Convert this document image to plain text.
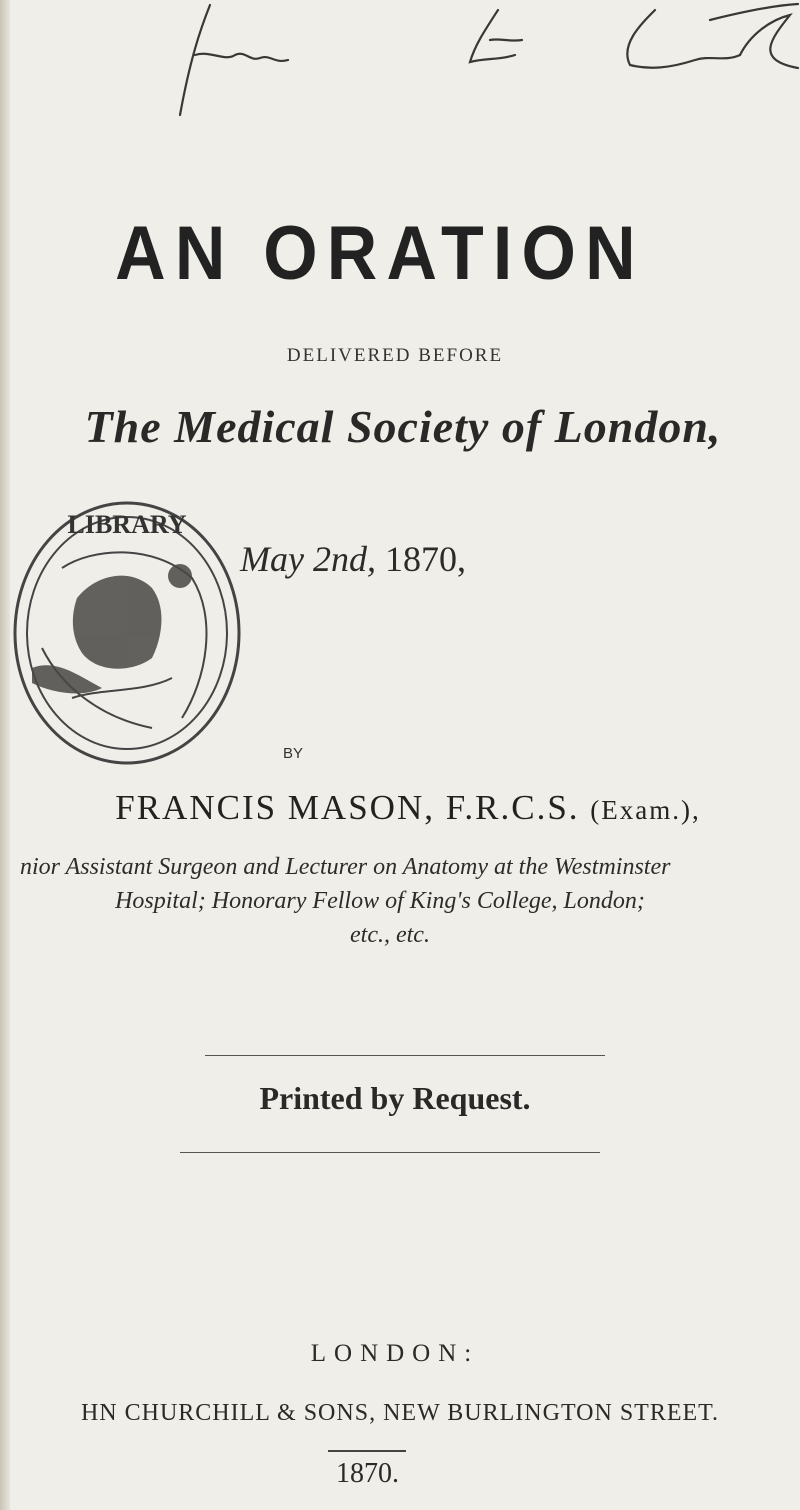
AN ORATION
DELIVERED BEFORE
The Medical Society of London,
LIBRARY
May 2nd, 1870,
BY
FRANCIS MASON, F.R.C.S. (Exam.),
nior Assistant Surgeon and Lecturer on Anatomy at the Westminster
Hospital; Honorary Fellow of King's College, London;
etc., etc.
Printed by Request.
LONDON:
HN CHURCHILL & SONS, NEW BURLINGTON STREET.
1870.
